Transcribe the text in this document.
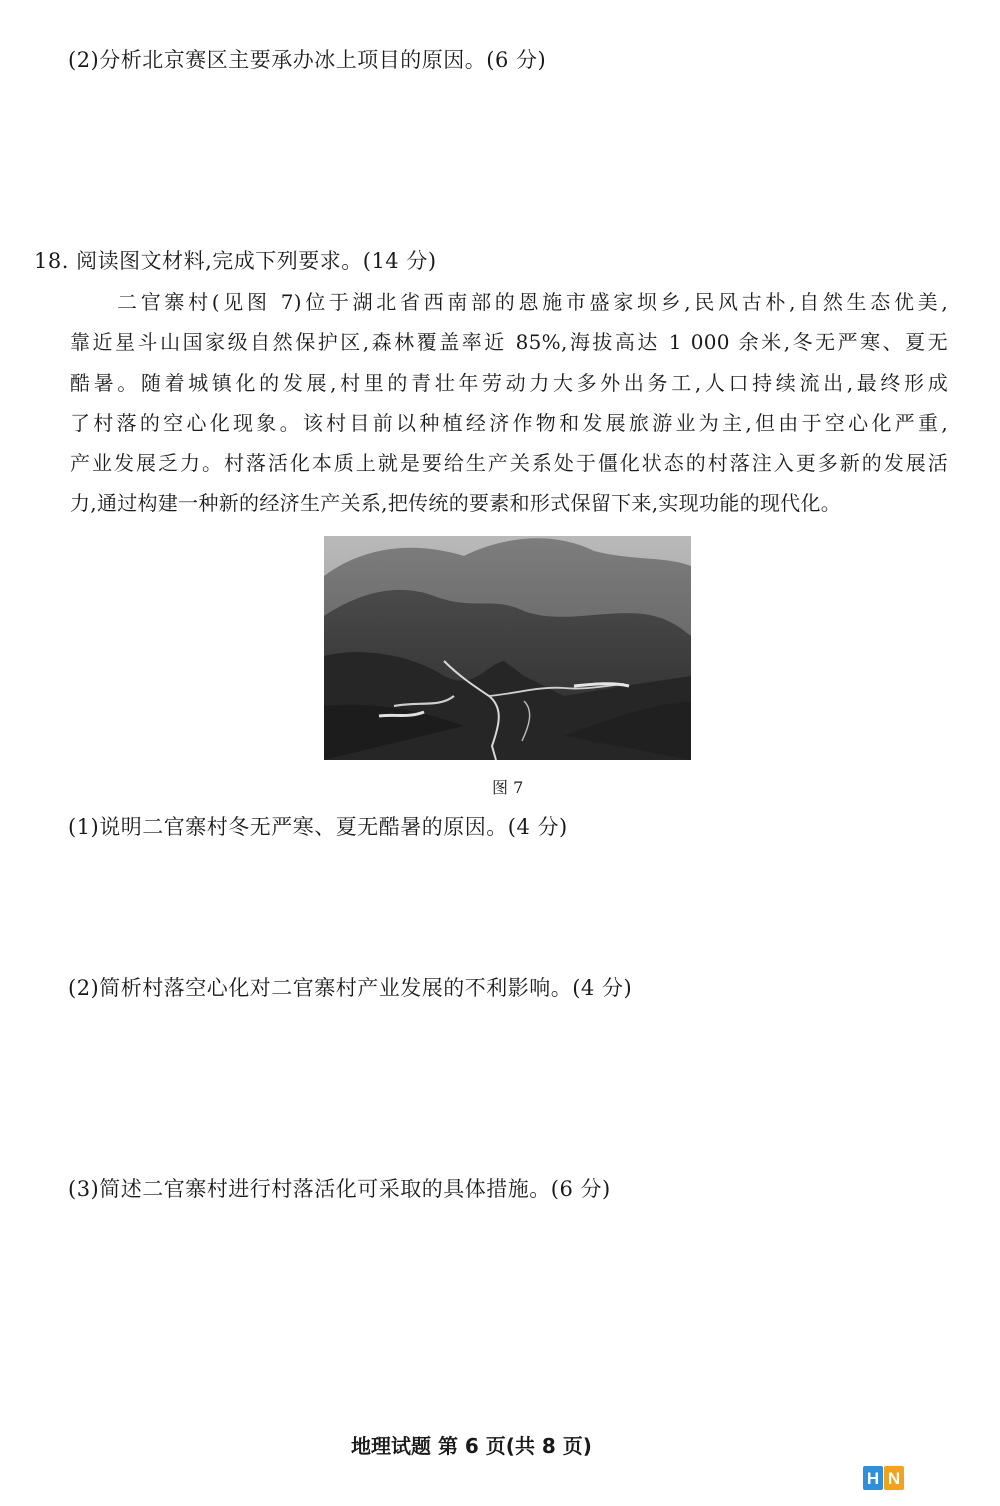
(2)分析北京赛区主要承办冰上项目的原因。(6 分)
18. 阅读图文材料,完成下列要求。(14 分)
二官寨村(见图 7)位于湖北省西南部的恩施市盛家坝乡,民风古朴,自然生态优美,
靠近星斗山国家级自然保护区,森林覆盖率近 85%,海拔高达 1 000 余米,冬无严寒、夏无
酷暑。随着城镇化的发展,村里的青壮年劳动力大多外出务工,人口持续流出,最终形成
了村落的空心化现象。该村目前以种植经济作物和发展旅游业为主,但由于空心化严重,
产业发展乏力。村落活化本质上就是要给生产关系处于僵化状态的村落注入更多新的发展活
力,通过构建一种新的经济生产关系,把传统的要素和形式保留下来,实现功能的现代化。
图 7
(1)说明二官寨村冬无严寒、夏无酷暑的原因。(4 分)
(2)简析村落空心化对二官寨村产业发展的不利影响。(4 分)
(3)简述二官寨村进行村落活化可采取的具体措施。(6 分)
地理试题 第 6 页(共 8 页)
H N
